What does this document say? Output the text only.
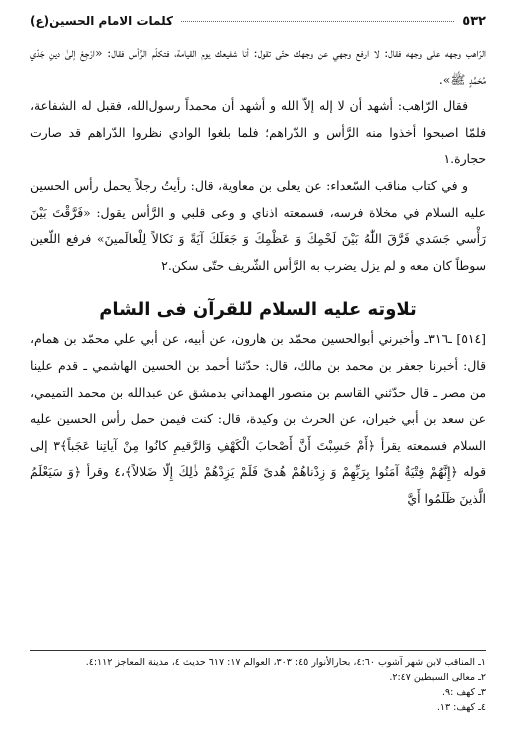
٥٣٢
كلمات الامام الحسين(ع)

الرّاهب وجهه على وجهه فقال: لا ارفع وجهي عن وجهك حتّى تقول: أنا شفيعك يوم القيامة، فتكلّم الرَّأس فقال: «ارْجِعْ إلىٰ دينِ جَدّي مُحَمَّدٍ ﷺ».

فقال الرّاهب: أشهد أن لا إله إلاّ الله و أشهد أن محمداً رسول‌الله، فقبل له الشفاعة، فلمّا اصبحوا أخذوا منه الرَّأس و الدّراهم؛ فلما بلغوا الوادي نظروا الدّراهم قد صارت حجارة.١

و في كتاب مناقب السّعداء: عن يعلى بن معاوية، قال: رأيتُ رجلاً يحمل رأس الحسين عليه السلام في مخلاة فرسه، فسمعته اذناي و وعى قلبي و الرَّأس يقول: «فَرَّقْتَ بَيْنَ رَأْسي جَسَدي فَرَّقَ اللّٰهُ بَيْنَ لَحْمِكَ وَ عَظْمِكَ وَ جَعَلَكَ آيَةً وَ نَكالاً لِلْعالَمينَ» فرفع اللّعين سوطاً كان معه و لم يزل يضرب به الرَّأس الشّريف حتّى سكن.٢

تلاوته عليه السلام للقرآن فى الشام

[٥١٤] ـ٣١٦ـ وأخبرني أبوالحسين محمّد بن هارون، عن أبيه، عن أبي علي محمّد بن همام، قال: أخبرنا جعفر بن محمد بن مالك، قال: حدّثنا أحمد بن الحسين الهاشمي ـ قدم علينا من مصر ـ قال حدّثني القاسم بن منصور الهمداني بدمشق عن عبدالله بن محمد التميمي، عن سعد بن أبي خيران، عن الحرث بن وكيدة، قال: كنت فيمن حمل رأس الحسين عليه السلام فسمعته يقرأ ﴿أَمْ حَسِبْتَ أَنَّ أَصْحابَ الْكَهْفِ وَالرَّقيمِ كانُوا مِنْ آياتِنا عَجَباً﴾٣ إلى قوله ﴿إِنَّهُمْ فِتْيَةٌ آمَنُوا بِرَبِّهِمْ وَ زِدْناهُمْ هُدىً فَلَمْ يَزِدْهُمْ ذٰلِكَ إِلّا ضَلالاً﴾،٤ وقرأ ﴿وَ سَيَعْلَمُ الَّذينَ ظَلَمُوا أَيَّ

١ـ المناقب لابن شهر آشوب ٤:٦٠، بحارالأنوار ٤٥: ٣٠٣، العوالم ١٧: ٦١٧ حديث ٤، مدينة المعاجز ٤:١١٢.

٢ـ معالی السبطین ٢:٤٧.

٣ـ كهف :٩.

٤ـ كهف: ١٣.
